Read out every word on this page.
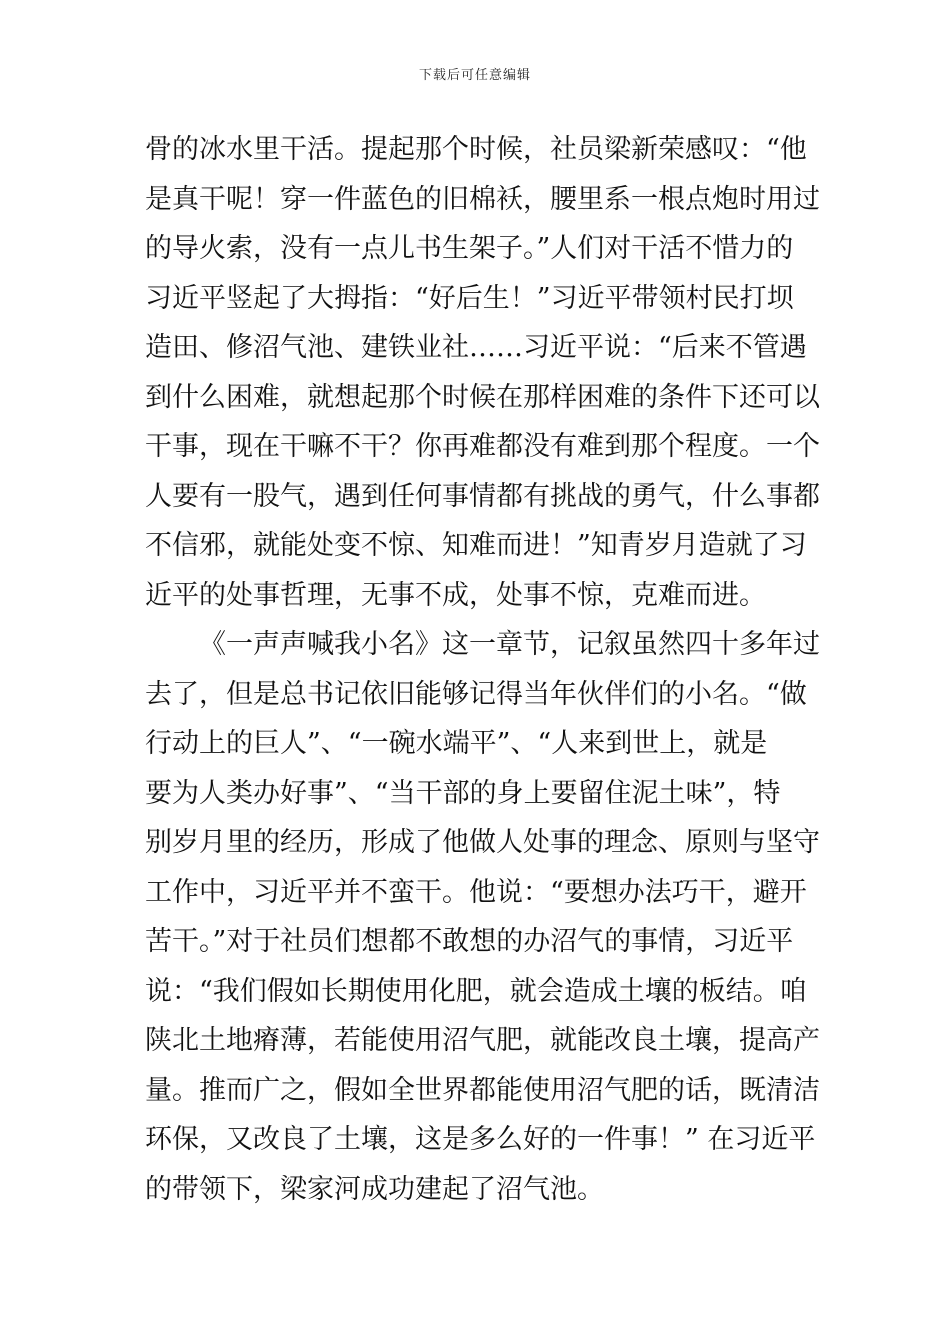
下载后可任意编辑
骨的冰水里干活。提起那个时候，社员梁新荣感叹：“他
是真干呢！穿一件蓝色的旧棉袄，腰里系一根点炮时用过
的导火索，没有一点儿书生架子。”人们对干活不惜力的
习近平竖起了大拇指：“好后生！”习近平带领村民打坝
造田、修沼气池、建铁业社……习近平说：“后来不管遇
到什么困难，就想起那个时候在那样困难的条件下还可以
干事，现在干嘛不干？你再难都没有难到那个程度。一个
人要有一股气，遇到任何事情都有挑战的勇气，什么事都
不信邪，就能处变不惊、知难而进！”知青岁月造就了习
近平的处事哲理，无事不成，处事不惊，克难而进。
《一声声喊我小名》这一章节，记叙虽然四十多年过
去了，但是总书记依旧能够记得当年伙伴们的小名。“做
行动上的巨人”、“一碗水端平”、“人来到世上，就是
要为人类办好事”、“当干部的身上要留住泥土味”，特
别岁月里的经历，形成了他做人处事的理念、原则与坚守
工作中，习近平并不蛮干。他说：“要想办法巧干，避开
苦干。”对于社员们想都不敢想的办沼气的事情，习近平
说：“我们假如长期使用化肥，就会造成土壤的板结。咱
陕北土地瘠薄，若能使用沼气肥，就能改良土壤，提高产
量。推而广之，假如全世界都能使用沼气肥的话，既清洁
环保，又改良了土壤，这是多么好的一件事！” 在习近平
的带领下，梁家河成功建起了沼气池。
